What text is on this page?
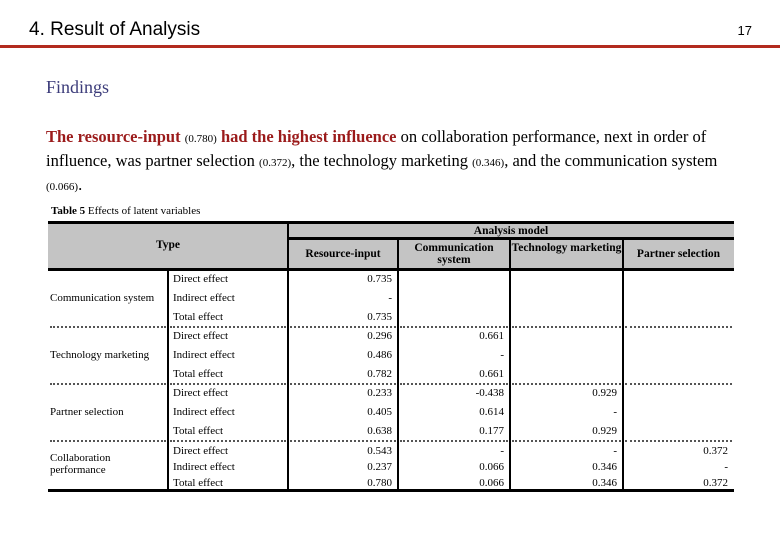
4. Result of Analysis	17
Findings
The resource-input (0.780) had the highest influence on collaboration performance, next in order of influence, was partner selection (0.372), the technology marketing (0.346), and the communication system (0.066).
Table 5 Effects of latent variables
Type
Analysis model
Resource-input	Communication system
Technology marketing	Partner selection
Communication system
Direct effect	0.735
Indirect effect	-
Total effect	0.735
Technology marketing
Direct effect	0.296	0.661
Indirect effect	0.486	-
Total effect	0.782	0.661
Partner selection
Direct effect	0.233	-0.438	0.929
Indirect effect	0.405	0.614	-
Total effect	0.638	0.177	0.929
Collaboration performance
Direct effect	0.543	-	-	0.372
Indirect effect	0.237	0.066	0.346	-
Total effect	0.780	0.066	0.346	0.372
